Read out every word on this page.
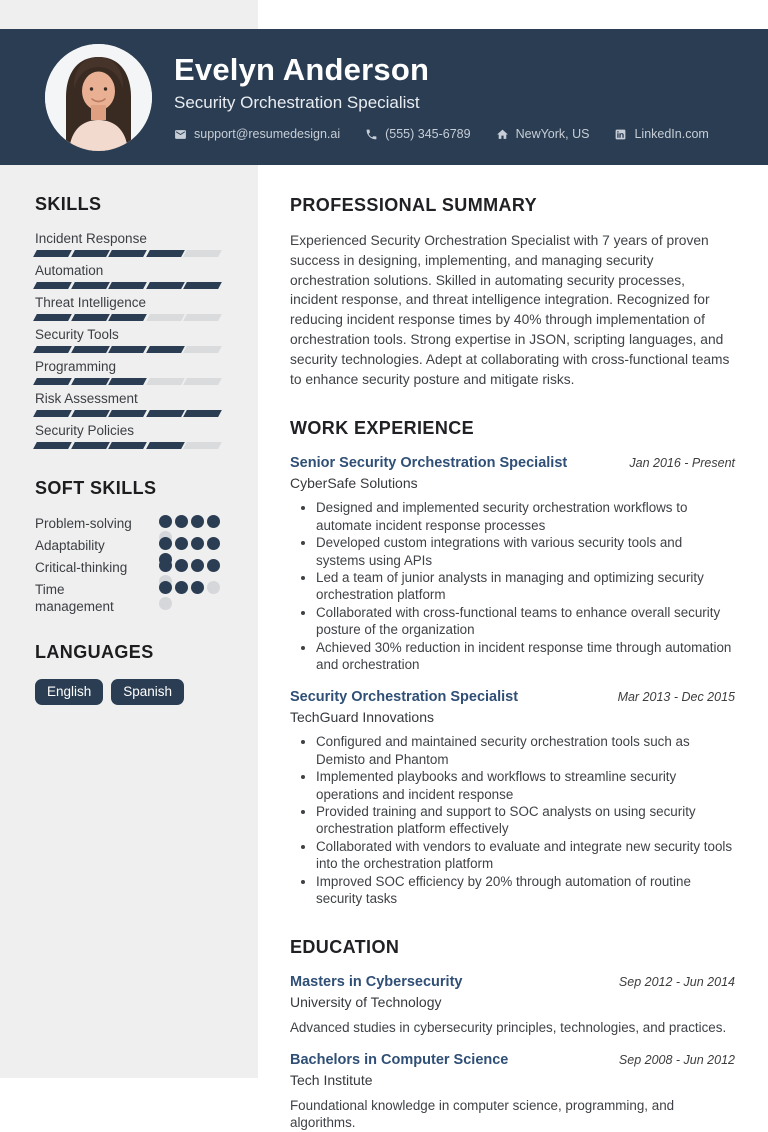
Evelyn Anderson
Security Orchestration Specialist
support@resumedesign.ai	(555) 345-6789	NewYork, US	LinkedIn.com
SKILLS
Incident Response
Automation
Threat Intelligence
Security Tools
Programming
Risk Assessment
Security Policies
SOFT SKILLS
Problem-solving
Adaptability
Critical-thinking
Time management
LANGUAGES
English	Spanish
PROFESSIONAL SUMMARY

Experienced Security Orchestration Specialist with 7 years of proven success in designing, implementing, and managing security orchestration solutions. Skilled in automating security processes, incident response, and threat intelligence integration. Recognized for reducing incident response times by 40% through implementation of orchestration tools. Strong expertise in JSON, scripting languages, and security technologies. Adept at collaborating with cross-functional teams to enhance security posture and mitigate risks.

WORK EXPERIENCE
Senior Security Orchestration Specialist	Jan 2016 - Present
CyberSafe Solutions
• Designed and implemented security orchestration workflows to automate incident response processes
• Developed custom integrations with various security tools and systems using APIs
• Led a team of junior analysts in managing and optimizing security orchestration platform
• Collaborated with cross-functional teams to enhance overall security posture of the organization
• Achieved 30% reduction in incident response time through automation and orchestration
Security Orchestration Specialist	Mar 2013 - Dec 2015
TechGuard Innovations
• Configured and maintained security orchestration tools such as Demisto and Phantom
• Implemented playbooks and workflows to streamline security operations and incident response
• Provided training and support to SOC analysts on using security orchestration platform effectively
• Collaborated with vendors to evaluate and integrate new security tools into the orchestration platform
• Improved SOC efficiency by 20% through automation of routine security tasks
EDUCATION
Masters in Cybersecurity	Sep 2012 - Jun 2014
University of Technology
Advanced studies in cybersecurity principles, technologies, and practices.
Bachelors in Computer Science	Sep 2008 - Jun 2012
Tech Institute
Foundational knowledge in computer science, programming, and algorithms.
